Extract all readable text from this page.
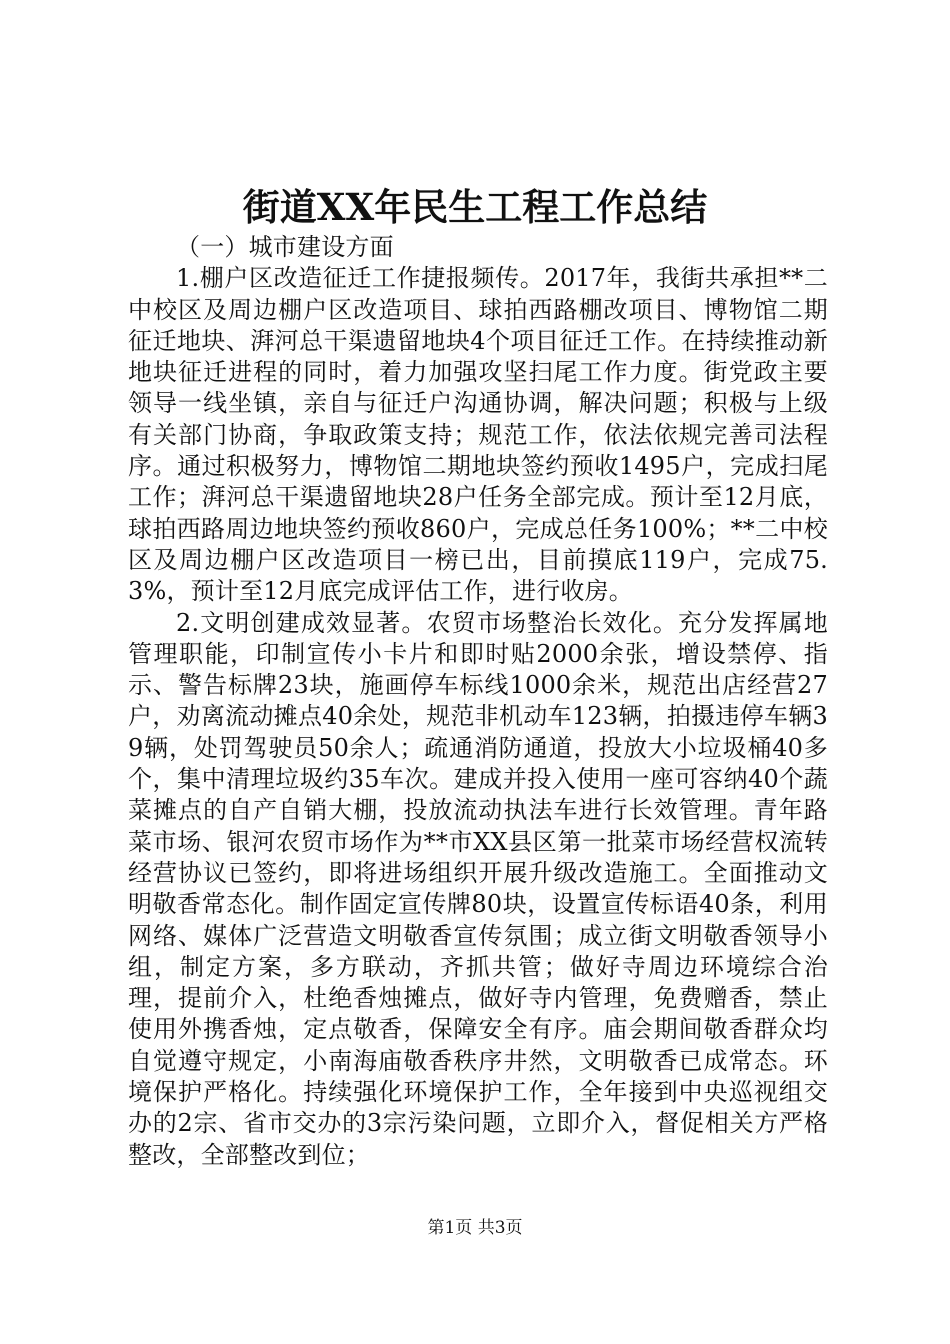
街道XX年民生工程工作总结

（一）城市建设方面

1.棚户区改造征迁工作捷报频传。2017年，我街共承担**二中校区及周边棚户区改造项目、球拍西路棚改项目、博物馆二期征迁地块、湃河总干渠遗留地块4个项目征迁工作。在持续推动新地块征迁进程的同时，着力加强攻坚扫尾工作力度。街党政主要领导一线坐镇，亲自与征迁户沟通协调，解决问题；积极与上级有关部门协商，争取政策支持；规范工作，依法依规完善司法程序。通过积极努力，博物馆二期地块签约预收1495户，完成扫尾工作；湃河总干渠遗留地块28户任务全部完成。预计至12月底，球拍西路周边地块签约预收860户，完成总任务100%；**二中校区及周边棚户区改造项目一榜已出，目前摸底119户，完成75.3%，预计至12月底完成评估工作，进行收房。

2.文明创建成效显著。农贸市场整治长效化。充分发挥属地管理职能，印制宣传小卡片和即时贴2000余张，增设禁停、指示、警告标牌23块，施画停车标线1000余米，规范出店经营27户，劝离流动摊点40余处，规范非机动车123辆，拍摄违停车辆39辆，处罚驾驶员50余人；疏通消防通道，投放大小垃圾桶40多个，集中清理垃圾约35车次。建成并投入使用一座可容纳40个蔬菜摊点的自产自销大棚，投放流动执法车进行长效管理。青年路菜市场、银河农贸市场作为**市XX县区第一批菜市场经营权流转经营协议已签约，即将进场组织开展升级改造施工。全面推动文明敬香常态化。制作固定宣传牌80块，设置宣传标语40条，利用网络、媒体广泛营造文明敬香宣传氛围；成立街文明敬香领导小组，制定方案，多方联动，齐抓共管；做好寺周边环境综合治理，提前介入，杜绝香烛摊点，做好寺内管理，免费赠香，禁止使用外携香烛，定点敬香，保障安全有序。庙会期间敬香群众均自觉遵守规定，小南海庙敬香秩序井然，文明敬香已成常态。环境保护严格化。持续强化环境保护工作，全年接到中央巡视组交办的2宗、省市交办的3宗污染问题，立即介入，督促相关方严格整改，全部整改到位；

第1页 共3页
